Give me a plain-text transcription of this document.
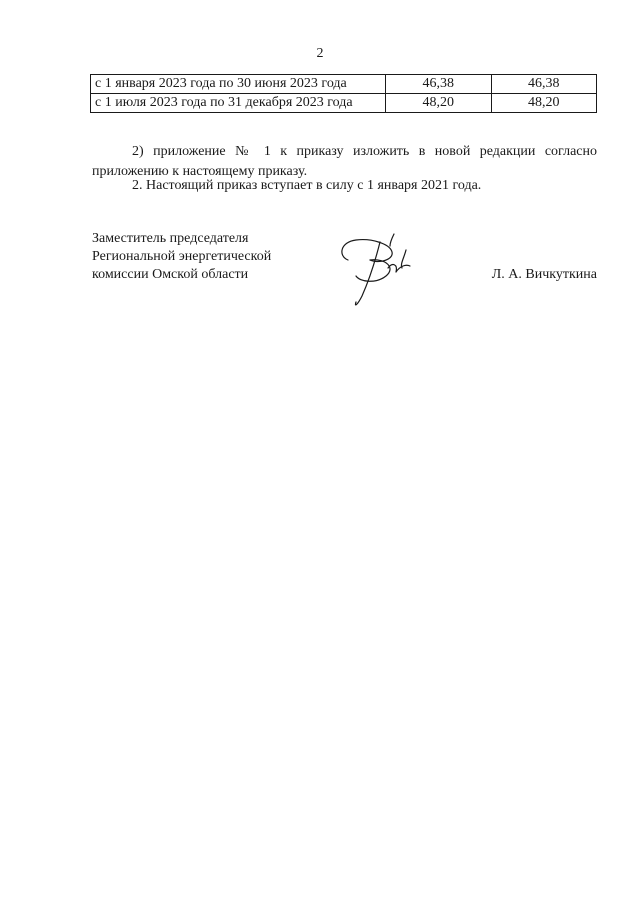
2
с 1 января 2023 года по 30 июня 2023 года	46,38	46,38
с 1 июля 2023 года по 31 декабря 2023 года	48,20	48,20

2) приложение № 1 к приказу изложить в новой редакции согласно приложению к настоящему приказу.

2. Настоящий приказ вступает в силу с 1 января 2021 года.

Заместитель председателя
Региональной энергетической
комиссии Омской области	Л. А. Вичкуткина
